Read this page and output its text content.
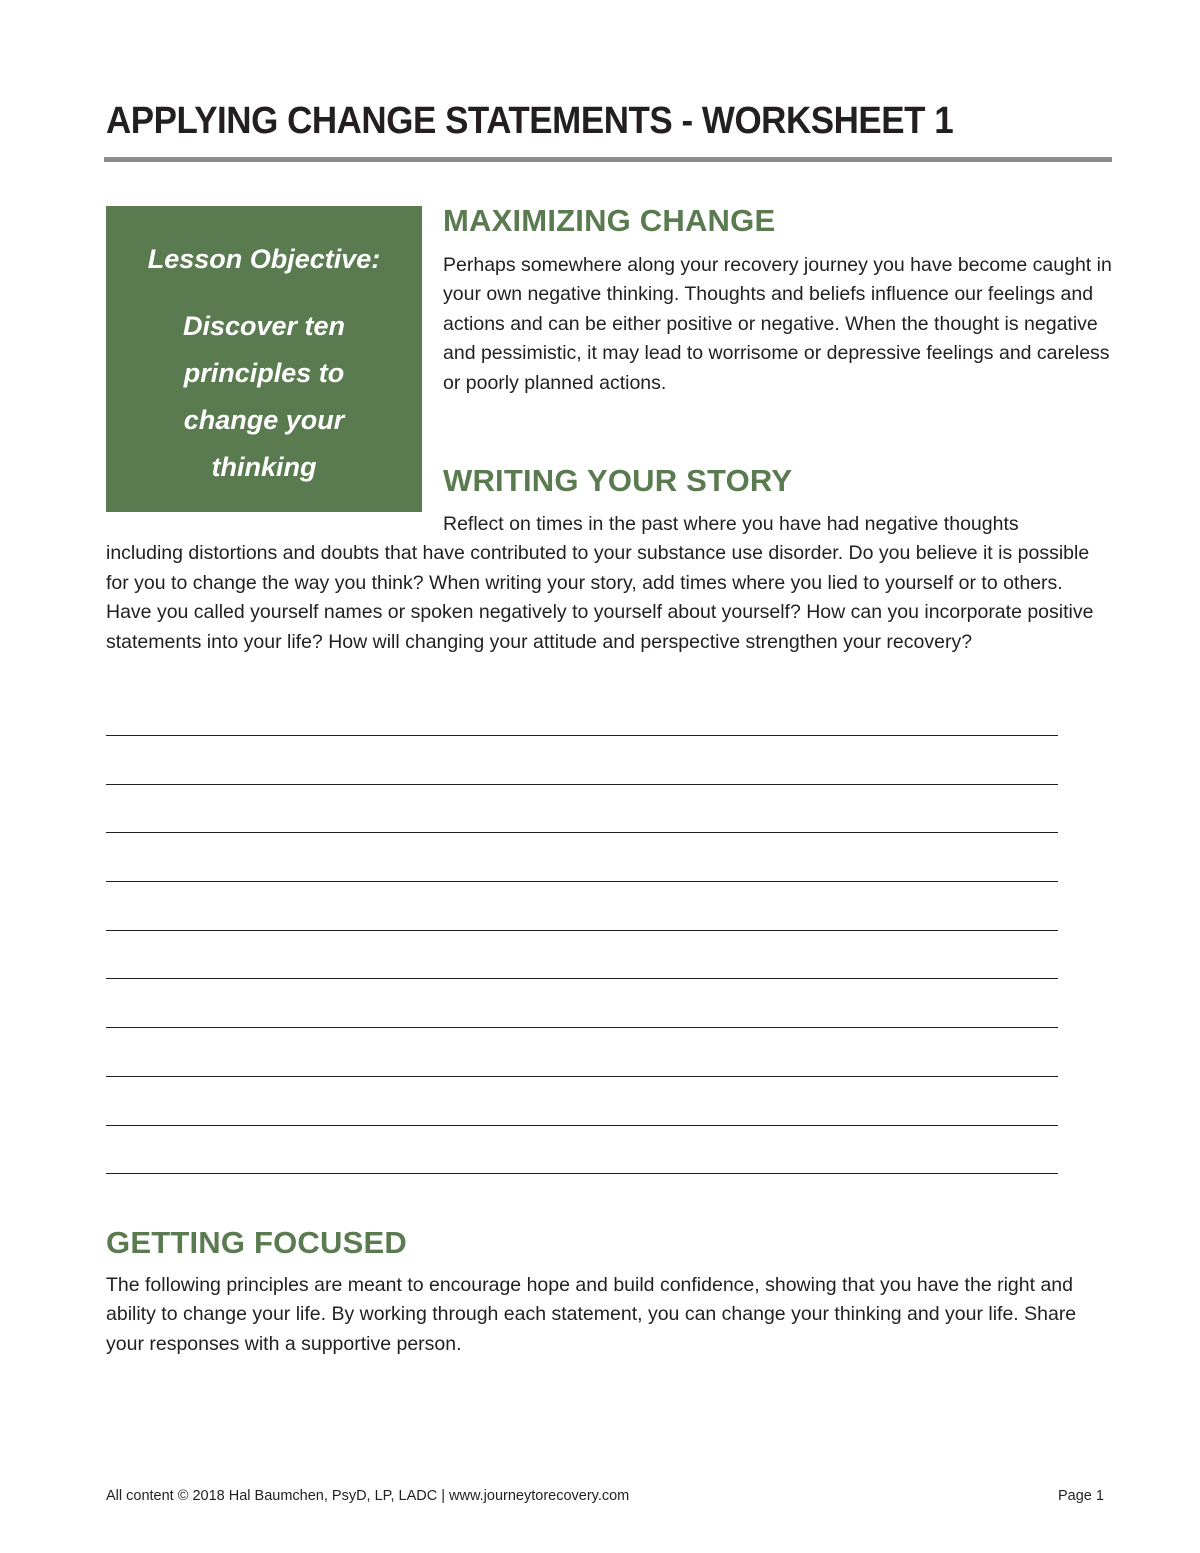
APPLYING CHANGE STATEMENTS - WORKSHEET 1
Lesson Objective:
Discover ten principles to change your thinking
MAXIMIZING CHANGE

Perhaps somewhere along your recovery journey you have become caught in your own negative thinking. Thoughts and beliefs influence our feelings and actions and can be either positive or negative. When the thought is negative and pessimistic, it may lead to worrisome or depressive feelings and careless or poorly planned actions.

WRITING YOUR STORY

Reflect on times in the past where you have had negative thoughts
including distortions and doubts that have contributed to your substance use disorder. Do you believe it is possible for you to change the way you think? When writing your story, add times where you lied to yourself or to others. Have you called yourself names or spoken negatively to yourself about yourself? How can you incorporate positive statements into your life? How will changing your attitude and perspective strengthen your recovery?

GETTING FOCUSED

The following principles are meant to encourage hope and build confidence, showing that you have the right and ability to change your life. By working through each statement, you can change your thinking and your life. Share your responses with a supportive person.

All content © 2018 Hal Baumchen, PsyD, LP, LADC | www.journeytorecovery.com	Page 1
